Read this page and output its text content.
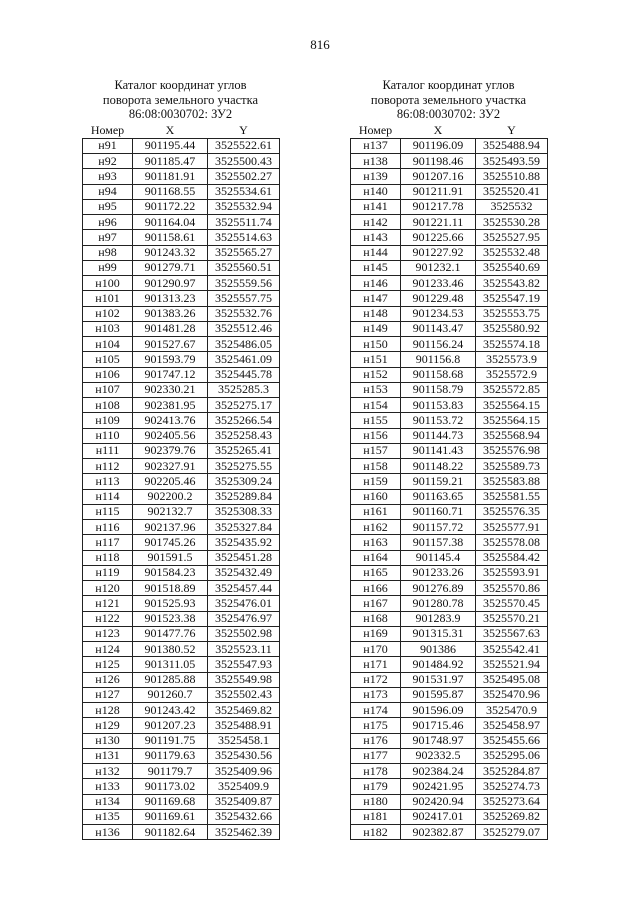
816
Каталог координат углов
поворота земельного участка
86:08:0030702: ЗУ2
Номер	X	Y
н91	901195.44	3525522.61
н92	901185.47	3525500.43
н93	901181.91	3525502.27
н94	901168.55	3525534.61
н95	901172.22	3525532.94
н96	901164.04	3525511.74
н97	901158.61	3525514.63
н98	901243.32	3525565.27
н99	901279.71	3525560.51
н100	901290.97	3525559.56
н101	901313.23	3525557.75
н102	901383.26	3525532.76
н103	901481.28	3525512.46
н104	901527.67	3525486.05
н105	901593.79	3525461.09
н106	901747.12	3525445.78
н107	902330.21	3525285.3
н108	902381.95	3525275.17
н109	902413.76	3525266.54
н110	902405.56	3525258.43
н111	902379.76	3525265.41
н112	902327.91	3525275.55
н113	902205.46	3525309.24
н114	902200.2	3525289.84
н115	902132.7	3525308.33
н116	902137.96	3525327.84
н117	901745.26	3525435.92
н118	901591.5	3525451.28
н119	901584.23	3525432.49
н120	901518.89	3525457.44
н121	901525.93	3525476.01
н122	901523.38	3525476.97
н123	901477.76	3525502.98
н124	901380.52	3525523.11
н125	901311.05	3525547.93
н126	901285.88	3525549.98
н127	901260.7	3525502.43
н128	901243.42	3525469.82
н129	901207.23	3525488.91
н130	901191.75	3525458.1
н131	901179.63	3525430.56
н132	901179.7	3525409.96
н133	901173.02	3525409.9
н134	901169.68	3525409.87
н135	901169.61	3525432.66
н136	901182.64	3525462.39
Каталог координат углов
поворота земельного участка
86:08:0030702: ЗУ2
Номер	X	Y
н137	901196.09	3525488.94
н138	901198.46	3525493.59
н139	901207.16	3525510.88
н140	901211.91	3525520.41
н141	901217.78	3525532
н142	901221.11	3525530.28
н143	901225.66	3525527.95
н144	901227.92	3525532.48
н145	901232.1	3525540.69
н146	901233.46	3525543.82
н147	901229.48	3525547.19
н148	901234.53	3525553.75
н149	901143.47	3525580.92
н150	901156.24	3525574.18
н151	901156.8	3525573.9
н152	901158.68	3525572.9
н153	901158.79	3525572.85
н154	901153.83	3525564.15
н155	901153.72	3525564.15
н156	901144.73	3525568.94
н157	901141.43	3525576.98
н158	901148.22	3525589.73
н159	901159.21	3525583.88
н160	901163.65	3525581.55
н161	901160.71	3525576.35
н162	901157.72	3525577.91
н163	901157.38	3525578.08
н164	901145.4	3525584.42
н165	901233.26	3525593.91
н166	901276.89	3525570.86
н167	901280.78	3525570.45
н168	901283.9	3525570.21
н169	901315.31	3525567.63
н170	901386	3525542.41
н171	901484.92	3525521.94
н172	901531.97	3525495.08
н173	901595.87	3525470.96
н174	901596.09	3525470.9
н175	901715.46	3525458.97
н176	901748.97	3525455.66
н177	902332.5	3525295.06
н178	902384.24	3525284.87
н179	902421.95	3525274.73
н180	902420.94	3525273.64
н181	902417.01	3525269.82
н182	902382.87	3525279.07
